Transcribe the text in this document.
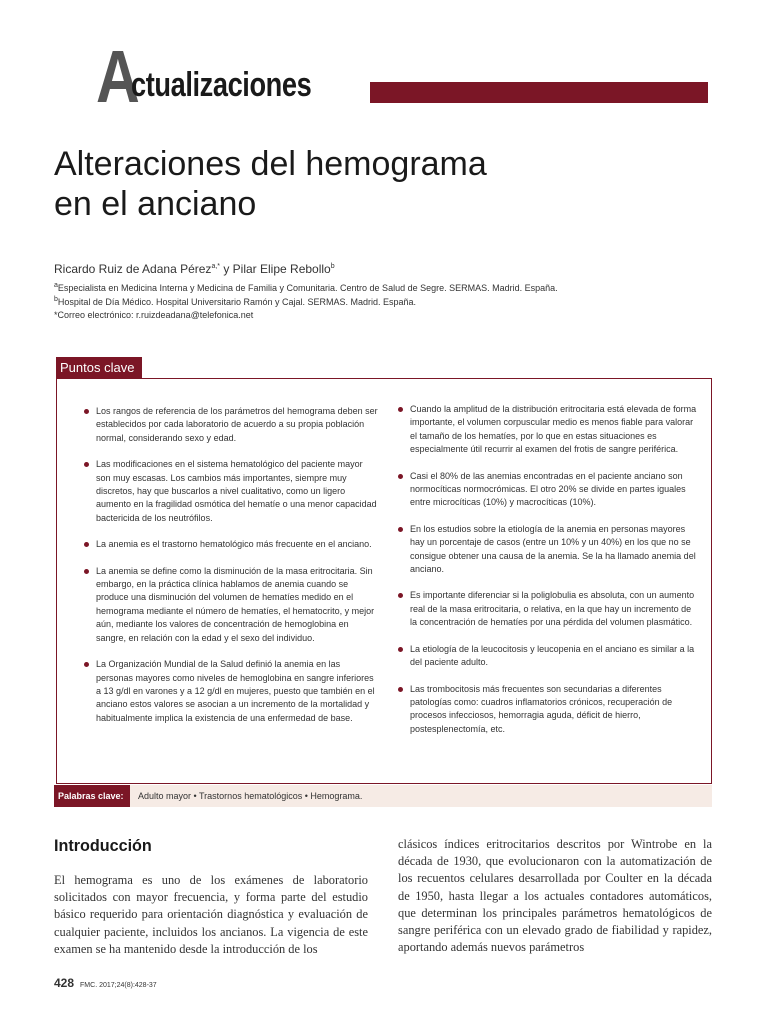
A
ctualizaciones
Alteraciones del hemograma
en el anciano
Ricardo Ruiz de Adana Pérez$^{a,*}$ y Pilar Elipe Rebollo$^b$
$^a$Especialista en Medicina Interna y Medicina de Familia y Comunitaria. Centro de Salud de Segre. SERMAS. Madrid. España.
$^b$Hospital de Día Médico. Hospital Universitario Ramón y Cajal. SERMAS. Madrid. España.
*Correo electrónico: r.ruizdeadana@telefonica.net
Puntos clave
Los rangos de referencia de los parámetros del hemograma deben ser establecidos por cada laboratorio de acuerdo a su propia población normal, considerando sexo y edad.
Las modificaciones en el sistema hematológico del paciente mayor son muy escasas. Los cambios más importantes, siempre muy discretos, hay que buscarlos a nivel cualitativo, como un ligero aumento en la fragilidad osmótica del hematíe o una menor capacidad bactericida de los neutrófilos.
La anemia es el trastorno hematológico más frecuente en el anciano.
La anemia se define como la disminución de la masa eritrocitaria. Sin embargo, en la práctica clínica hablamos de anemia cuando se produce una disminución del volumen de hematíes medido en el hemograma mediante el número de hematíes, el hematocrito, y mejor aún, mediante los valores de concentración de hemoglobina en sangre, en relación con la edad y el sexo del individuo.
La Organización Mundial de la Salud definió la anemia en las personas mayores como niveles de hemoglobina en sangre inferiores a 13 g/dl en varones y a 12 g/dl en mujeres, puesto que también en el anciano estos valores se asocian a un incremento de la mortalidad y habitualmente implica la existencia de una enfermedad de base.
Cuando la amplitud de la distribución eritrocitaria está elevada de forma importante, el volumen corpuscular medio es menos fiable para valorar el tamaño de los hematíes, por lo que en estas situaciones es especialmente útil recurrir al examen del frotis de sangre periférica.
Casi el 80% de las anemias encontradas en el paciente anciano son normocíticas normocrómicas. El otro 20% se divide en partes iguales entre microcíticas (10%) y macrocíticas (10%).
En los estudios sobre la etiología de la anemia en personas mayores hay un porcentaje de casos (entre un 10% y un 40%) en los que no se consigue obtener una causa de la anemia. Se la ha llamado anemia del anciano.
Es importante diferenciar si la poliglobulia es absoluta, con un aumento real de la masa eritrocitaria, o relativa, en la que hay un incremento de la concentración de hematíes por una pérdida del volumen plasmático.
La etiología de la leucocitosis y leucopenia en el anciano es similar a la del paciente adulto.
Las trombocitosis más frecuentes son secundarias a diferentes patologías como: cuadros inflamatorios crónicos, recuperación de procesos infecciosos, hemorragia aguda, déficit de hierro, postesplenectomía, etc.
Palabras clave:	Adulto mayor • Trastornos hematológicos • Hemograma.
Introducción
El hemograma es uno de los exámenes de laboratorio solicitados con mayor frecuencia, y forma parte del estudio básico requerido para orientación diagnóstica y evaluación de cualquier paciente, incluidos los ancianos. La vigencia de este examen se ha mantenido desde la introducción de los
clásicos índices eritrocitarios descritos por Wintrobe en la década de 1930, que evolucionaron con la automatización de los recuentos celulares desarrollada por Coulter en la década de 1950, hasta llegar a los actuales contadores automáticos, que determinan los principales parámetros hematológicos de sangre periférica con un elevado grado de fiabilidad y rapidez, aportando además nuevos parámetros
428 FMC. 2017;24(8):428-37
